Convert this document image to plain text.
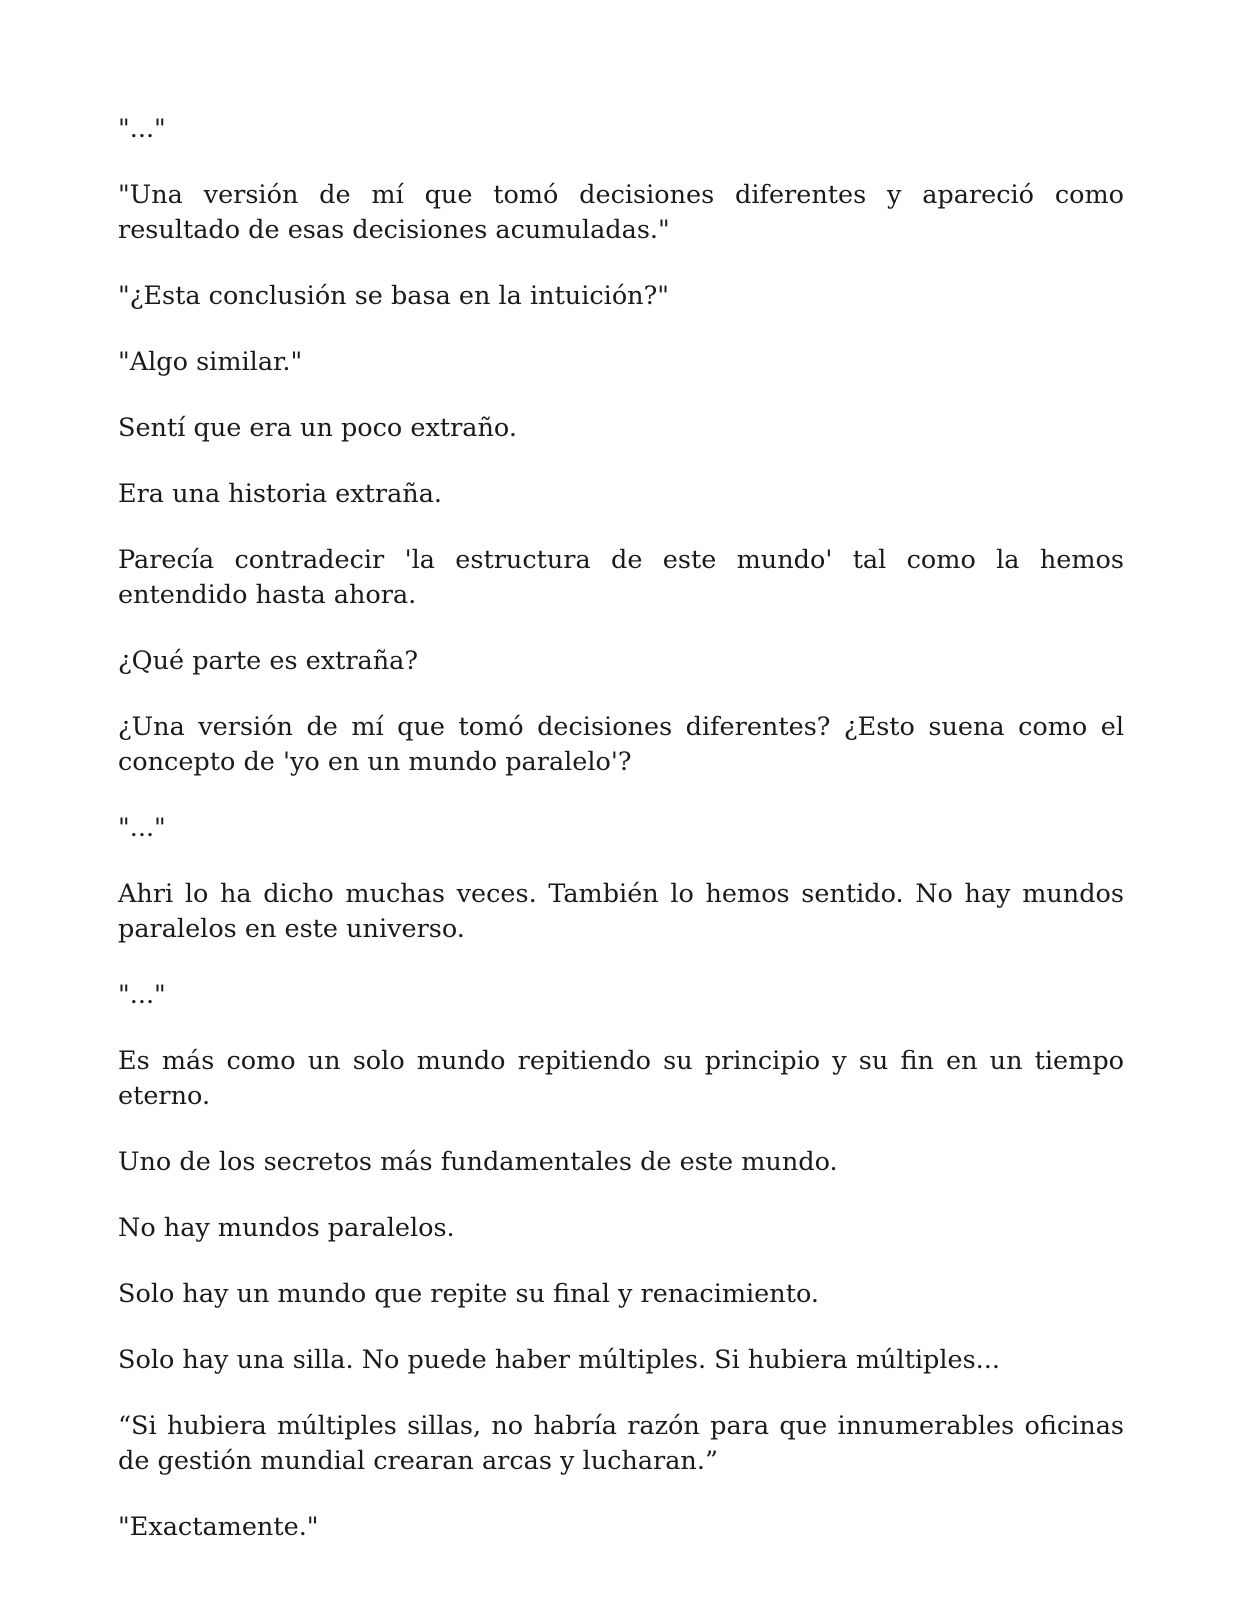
"..."

"Una versión de mí que tomó decisiones diferentes y apareció como resultado de esas decisiones acumuladas."

"¿Esta conclusión se basa en la intuición?"

"Algo similar."

Sentí que era un poco extraño.

Era una historia extraña.

Parecía contradecir 'la estructura de este mundo' tal como la hemos entendido hasta ahora.

¿Qué parte es extraña?

¿Una versión de mí que tomó decisiones diferentes? ¿Esto suena como el concepto de 'yo en un mundo paralelo'?

"..."

Ahri lo ha dicho muchas veces. También lo hemos sentido. No hay mundos paralelos en este universo.

"..."

Es más como un solo mundo repitiendo su principio y su fin en un tiempo eterno.

Uno de los secretos más fundamentales de este mundo.

No hay mundos paralelos.

Solo hay un mundo que repite su final y renacimiento.

Solo hay una silla. No puede haber múltiples. Si hubiera múltiples...

“Si hubiera múltiples sillas, no habría razón para que innumerables oficinas de gestión mundial crearan arcas y lucharan.”

"Exactamente."
